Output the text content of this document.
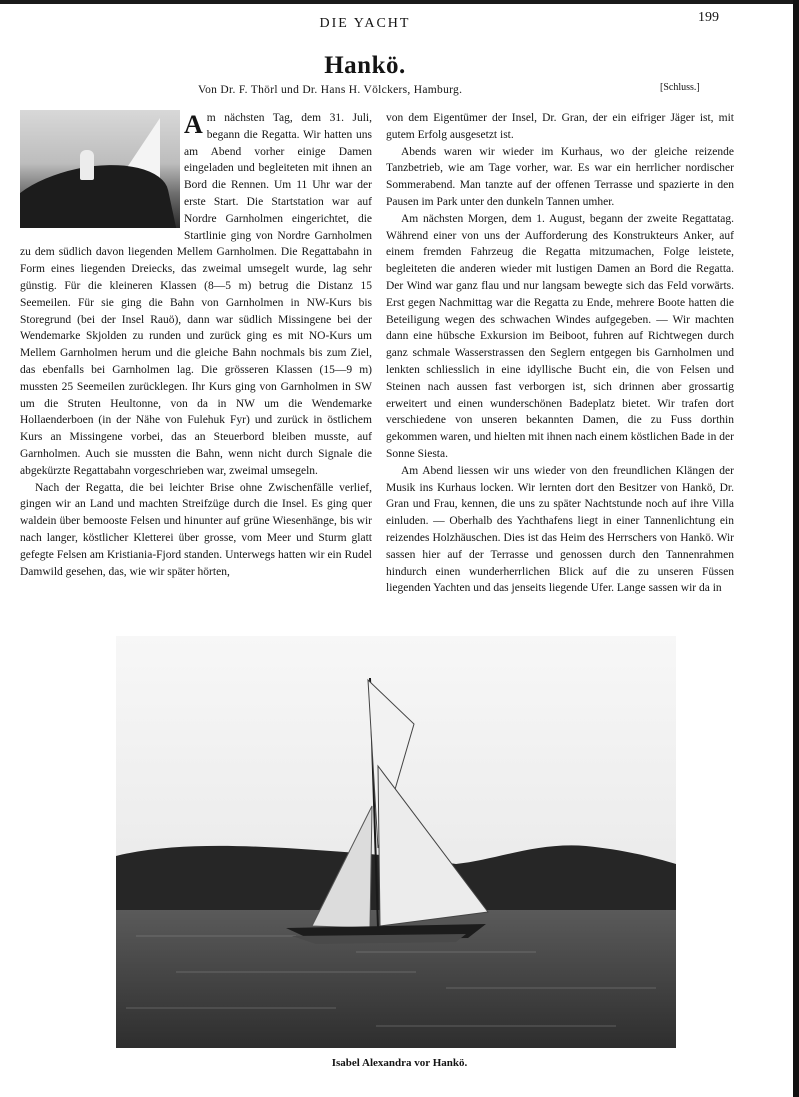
DIE YACHT	199
Hankö.
Von Dr. F. Thörl und Dr. Hans H. Völckers, Hamburg.	[Schluss.]
A m nächsten Tag, dem 31. Juli, begann die Regatta. Wir hatten uns am Abend vorher einige Damen eingeladen und begleiteten mit ihnen an Bord die Rennen. Um 11 Uhr war der erste Start. Die Startstation war auf Nordre Garnholmen eingerichtet, die Startlinie ging von Nordre Garnholmen zu dem südlich davon liegenden Mellem Garnholmen. Die Regattabahn in Form eines liegenden Dreiecks, das zweimal umsegelt wurde, lag sehr günstig. Für die kleineren Klassen (8—5 m) betrug die Distanz 15 Seemeilen. Für sie ging die Bahn von Garnholmen in NW-Kurs bis Storegrund (bei der Insel Rauö), dann war südlich Missingene bei der Wendemarke Skjolden zu runden und zurück ging es mit NO-Kurs um Mellem Garnholmen herum und die gleiche Bahn nochmals bis zum Ziel, das ebenfalls bei Garnholmen lag. Die grösseren Klassen (15—9 m) mussten 25 Seemeilen zurücklegen. Ihr Kurs ging von Garnholmen in SW um die Struten Heultonne, von da in NW um die Wendemarke Hollaenderboen (in der Nähe von Fulehuk Fyr) und zurück in östlichem Kurs an Missingene vorbei, das an Steuerbord bleiben musste, auf Garnholmen. Auch sie mussten die Bahn, wenn nicht durch Signale die abgekürzte Regattabahn vorgeschrieben war, zweimal umsegeln.

Nach der Regatta, die bei leichter Brise ohne Zwischenfälle verlief, gingen wir an Land und machten Streifzüge durch die Insel. Es ging quer waldein über bemooste Felsen und hinunter auf grüne Wiesenhänge, bis wir nach langer, köstlicher Kletterei über grosse, vom Meer und Sturm glatt gefegte Felsen am Kristiania-Fjord standen. Unterwegs hatten wir ein Rudel Damwild gesehen, das, wie wir später hörten,

von dem Eigentümer der Insel, Dr. Gran, der ein eifriger Jäger ist, mit gutem Erfolg ausgesetzt ist.

Abends waren wir wieder im Kurhaus, wo der gleiche reizende Tanzbetrieb, wie am Tage vorher, war. Es war ein herrlicher nordischer Sommerabend. Man tanzte auf der offenen Terrasse und spazierte in den Pausen im Park unter den dunkeln Tannen umher.

Am nächsten Morgen, dem 1. August, begann der zweite Regattatag. Während einer von uns der Aufforderung des Konstrukteurs Anker, auf einem fremden Fahrzeug die Regatta mitzumachen, Folge leistete, begleiteten die anderen wieder mit lustigen Damen an Bord die Regatta. Der Wind war ganz flau und nur langsam bewegte sich das Feld vorwärts. Erst gegen Nachmittag war die Regatta zu Ende, mehrere Boote hatten die Beteiligung wegen des schwachen Windes aufgegeben. — Wir machten dann eine hübsche Exkursion im Beiboot, fuhren auf Richtwegen durch ganz schmale Wasserstrassen den Seglern entgegen bis Garnholmen und lenkten schliesslich in eine idyllische Bucht ein, die von Felsen und Steinen nach aussen fast verborgen ist, sich drinnen aber grossartig erweitert und einen wunderschönen Badeplatz bietet. Wir trafen dort verschiedene von unseren bekannten Damen, die zu Fuss dorthin gekommen waren, und hielten mit ihnen nach einem köstlichen Bade in der Sonne Siesta.

Am Abend liessen wir uns wieder von den freundlichen Klängen der Musik ins Kurhaus locken. Wir lernten dort den Besitzer von Hankö, Dr. Gran und Frau, kennen, die uns zu später Nachtstunde noch auf ihre Villa einluden. — Oberhalb des Yachthafens liegt in einer Tannenlichtung ein reizendes Holzhäuschen. Dies ist das Heim des Herrschers von Hankö. Wir sassen hier auf der Terrasse und genossen durch den Tannenrahmen hindurch einen wunderherrlichen Blick auf die zu unseren Füssen liegenden Yachten und das jenseits liegende Ufer. Lange sassen wir da in

Isabel Alexandra vor Hankö.
